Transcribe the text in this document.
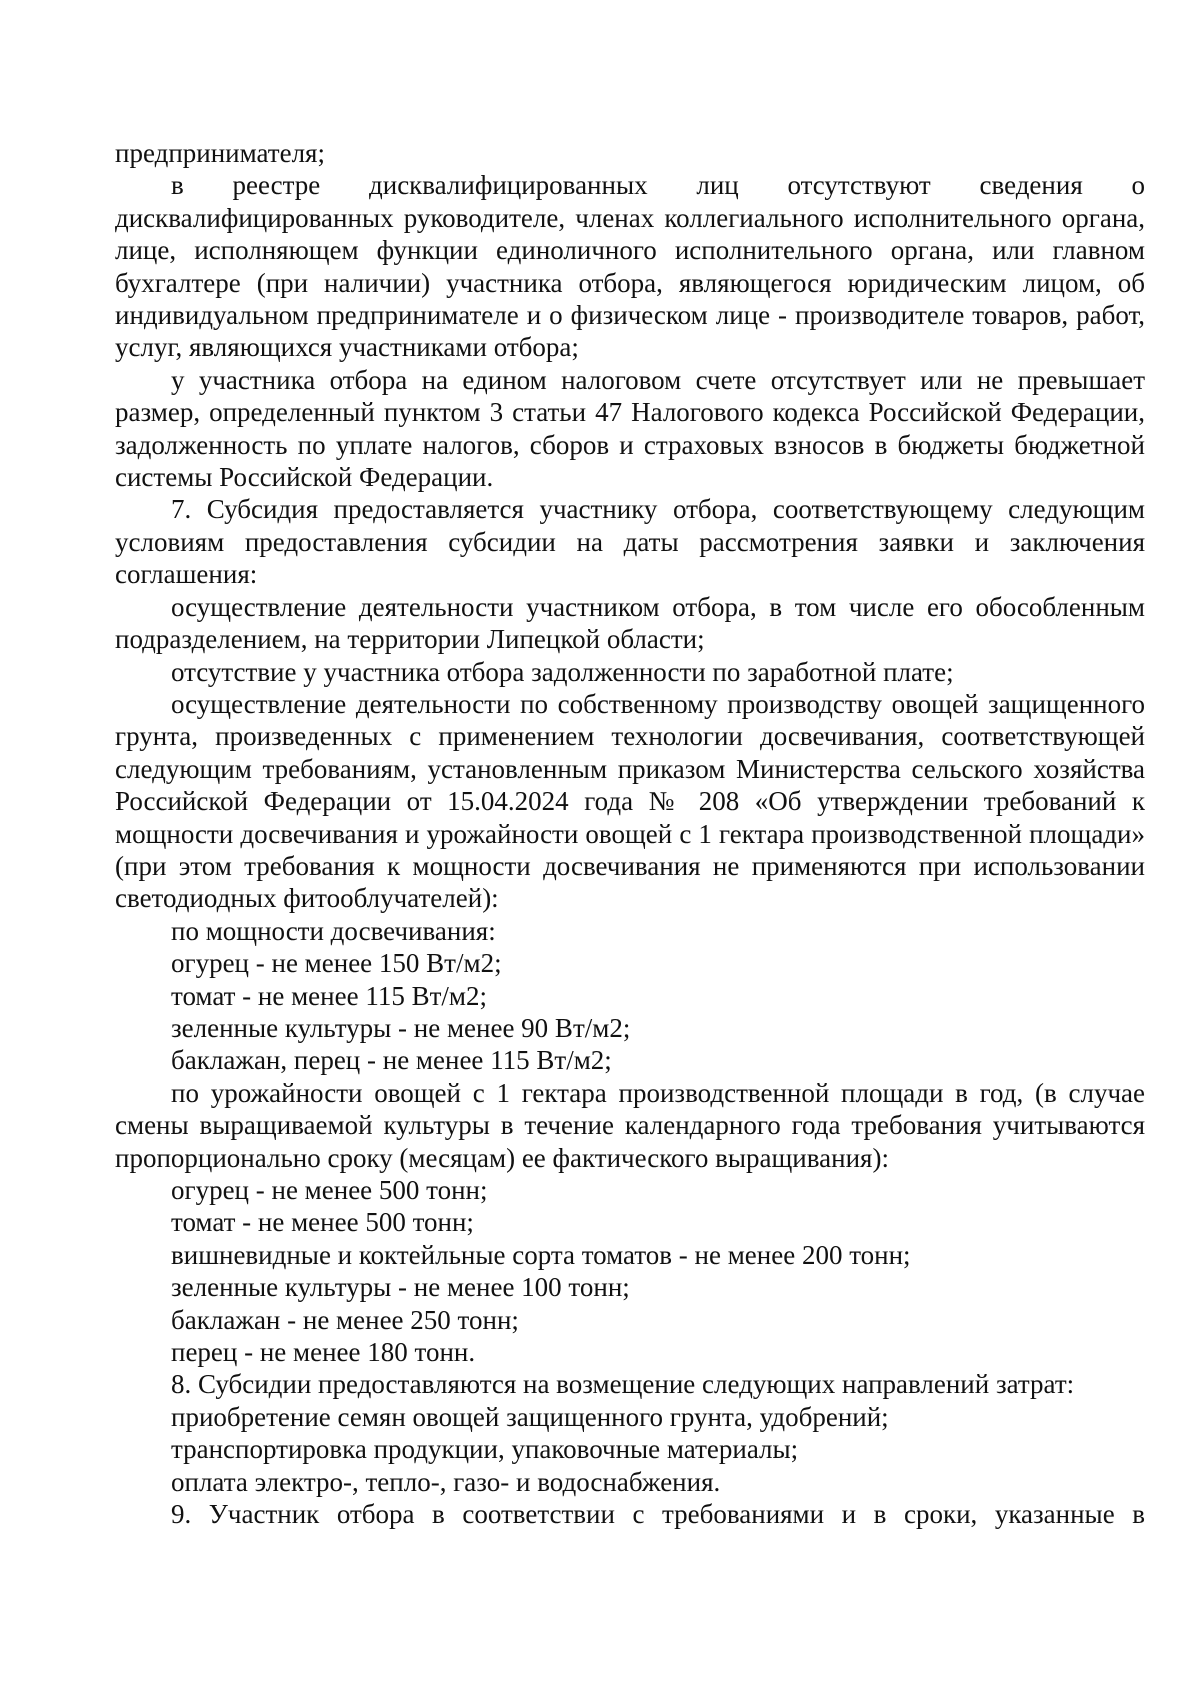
предпринимателя;

в реестре дисквалифицированных лиц отсутствуют сведения о дисквалифицированных руководителе, членах коллегиального исполнительного органа, лице, исполняющем функции единоличного исполнительного органа, или главном бухгалтере (при наличии) участника отбора, являющегося юридическим лицом, об индивидуальном предпринимателе и о физическом лице - производителе товаров, работ, услуг, являющихся участниками отбора;

у участника отбора на едином налоговом счете отсутствует или не превышает размер, определенный пунктом 3 статьи 47 Налогового кодекса Российской Федерации, задолженность по уплате налогов, сборов и страховых взносов в бюджеты бюджетной системы Российской Федерации.

7. Субсидия предоставляется участнику отбора, соответствующему следующим условиям предоставления субсидии на даты рассмотрения заявки и заключения соглашения:

осуществление деятельности участником отбора, в том числе его обособленным подразделением, на территории Липецкой области;

отсутствие у участника отбора задолженности по заработной плате;

осуществление деятельности по собственному производству овощей защищенного грунта, произведенных с применением технологии досвечивания, соответствующей следующим требованиям, установленным приказом Министерства сельского хозяйства Российской Федерации от 15.04.2024 года № 208 «Об утверждении требований к мощности досвечивания и урожайности овощей с 1 гектара производственной площади» (при этом требования к мощности досвечивания не применяются при использовании светодиодных фитооблучателей):

по мощности досвечивания:

огурец - не менее 150 Вт/м2;

томат - не менее 115 Вт/м2;

зеленные культуры - не менее 90 Вт/м2;

баклажан, перец - не менее 115 Вт/м2;

по урожайности овощей с 1 гектара производственной площади в год, (в случае смены выращиваемой культуры в течение календарного года требования учитываются пропорционально сроку (месяцам) ее фактического выращивания):

огурец - не менее 500 тонн;

томат - не менее 500 тонн;

вишневидные и коктейльные сорта томатов - не менее 200 тонн;

зеленные культуры - не менее 100 тонн;

баклажан - не менее 250 тонн;

перец - не менее 180 тонн.

8. Субсидии предоставляются на возмещение следующих направлений затрат:

приобретение семян овощей защищенного грунта, удобрений;

транспортировка продукции, упаковочные материалы;

оплата электро-, тепло-, газо- и водоснабжения.

9. Участник отбора в соответствии с требованиями и в сроки, указанные в
